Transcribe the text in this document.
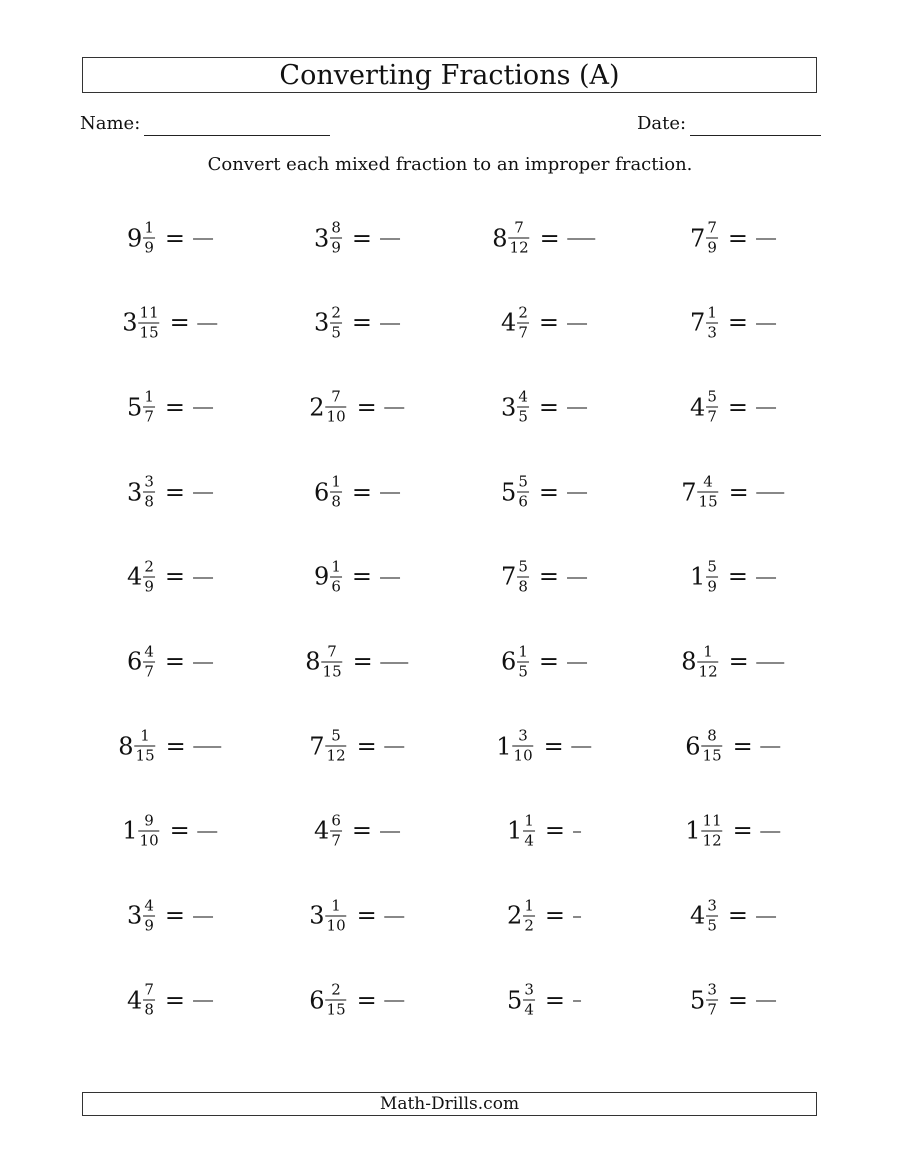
Converting Fractions (A)
Name:	Date:
Convert each mixed fraction to an improper fraction.
$9 \frac{1}{9}$ =	$3 \frac{8}{9}$ =	$8 \frac{7}{12}$ =	$7 \frac{7}{9}$ =
$3 \frac{11}{15}$ =	$3 \frac{2}{5}$ =	$4 \frac{2}{7}$ =	$7 \frac{1}{3}$ =
$5 \frac{1}{7}$ =	$2 \frac{7}{10}$ =	$3 \frac{4}{5}$ =	$4 \frac{5}{7}$ =
$3 \frac{3}{8}$ =	$6 \frac{1}{8}$ =	$5 \frac{5}{6}$ =	$7 \frac{4}{15}$ =
$4 \frac{2}{9}$ =	$9 \frac{1}{6}$ =	$7 \frac{5}{8}$ =	$1 \frac{5}{9}$ =
$6 \frac{4}{7}$ =	$8 \frac{7}{15}$ =	$6 \frac{1}{5}$ =	$8 \frac{1}{12}$ =
$8 \frac{1}{15}$ =	$7 \frac{5}{12}$ =	$1 \frac{3}{10}$ =	$6 \frac{8}{15}$ =
$1 \frac{9}{10}$ =	$4 \frac{6}{7}$ =	$1 \frac{1}{4}$ =	$1 \frac{11}{12}$ =
$3 \frac{4}{9}$ =	$3 \frac{1}{10}$ =	$2 \frac{1}{2}$ =	$4 \frac{3}{5}$ =
$4 \frac{7}{8}$ =	$6 \frac{2}{15}$ =	$5 \frac{3}{4}$ =	$5 \frac{3}{7}$ =
Math-Drills.com
